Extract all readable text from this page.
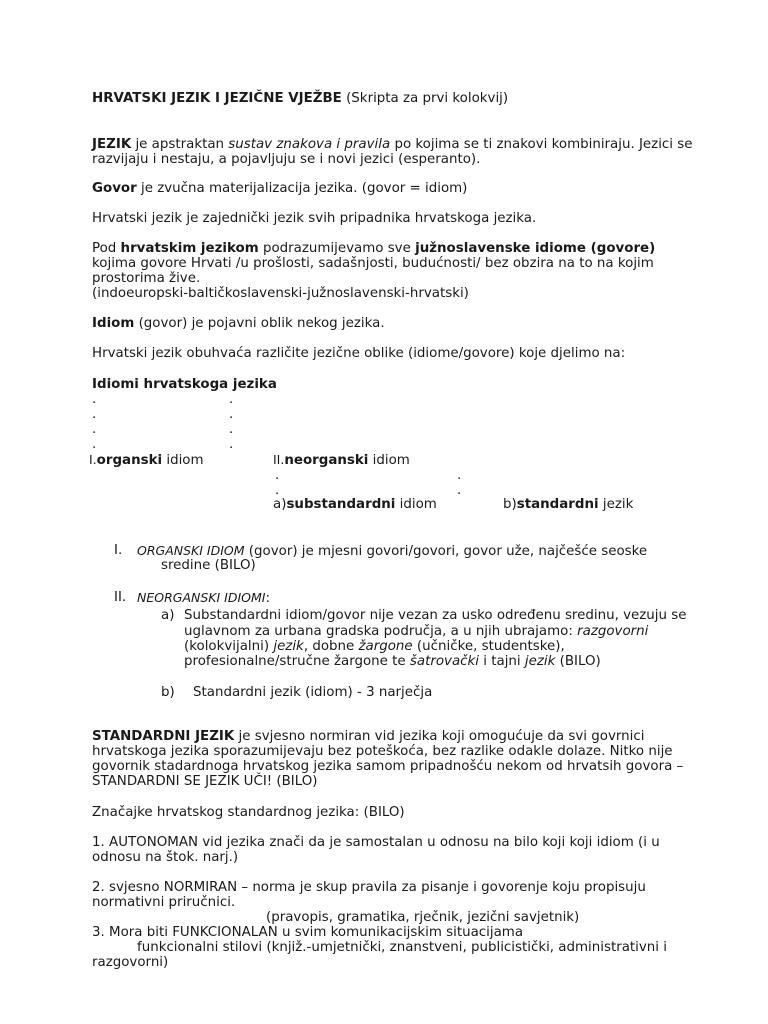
HRVATSKI JEZIK I JEZIČNE VJEŽBE (Skripta za prvi kolokvij)
JEZIK je apstraktan sustav znakova i pravila po kojima se ti znakovi kombiniraju. Jezici se
razvijaju i nestaju, a pojavljuju se i novi jezici (esperanto).
Govor je zvučna materijalizacija jezika. (govor = idiom)
Hrvatski jezik je zajednički jezik svih pripadnika hrvatskoga jezika.
Pod hrvatskim jezikom podrazumijevamo sve južnoslavenske idiome (govore)
kojima govore Hrvati /u prošlosti, sadašnjosti, budućnosti/ bez obzira na to na kojim
prostorima žive.
(indoeuropski-baltičkoslavenski-južnoslavenski-hrvatski)
Idiom (govor) je pojavni oblik nekog jezika.
Hrvatski jezik obuhvaća različite jezične oblike (idiome/govore) koje djelimo na:
Idiomi hrvatskoga jezika
.	.
.	.
.	.
.	.
I.organski idiom	II.neorganski idiom
.	.
.	.
a)substandardni idiom	b)standardni jezik
I. ORGANSKI IDIOM (govor) je mjesni govori/govori, govor uže, najčešće seoske
sredine (BILO)
II. NEORGANSKI IDIOMI:
a) Substandardni idiom/govor nije vezan za usko određenu sredinu, vezuju se
uglavnom za urbana gradska područja, a u njih ubrajamo: razgovorni
(kolokvijalni) jezik, dobne žargone (učničke, studentske),
profesionalne/stručne žargone te šatrovački i tajni jezik (BILO)
b) Standardni jezik (idiom) - 3 narječja
STANDARDNI JEZIK je svjesno normiran vid jezika koji omogućuje da svi govrnici
hrvatskoga jezika sporazumijevaju bez poteškoća, bez razlike odakle dolaze. Nitko nije
govornik stadardnoga hrvatskog jezika samom pripadnošću nekom od hrvatsih govora –
STANDARDNI SE JEZIK UČI! (BILO)
Značajke hrvatskog standardnog jezika: (BILO)
1. AUTONOMAN vid jezika znači da je samostalan u odnosu na bilo koji koji idiom (i u
odnosu na štok. narj.)
2. svjesno NORMIRAN – norma je skup pravila za pisanje i govorenje koju propisuju
normativni priručnici.
(pravopis, gramatika, rječnik, jezični savjetnik)
3. Mora biti FUNKCIONALAN u svim komunikacijskim situacijama
funkcionalni stilovi (knjiž.-umjetnički, znanstveni, publicistički, administrativni i
razgovorni)
